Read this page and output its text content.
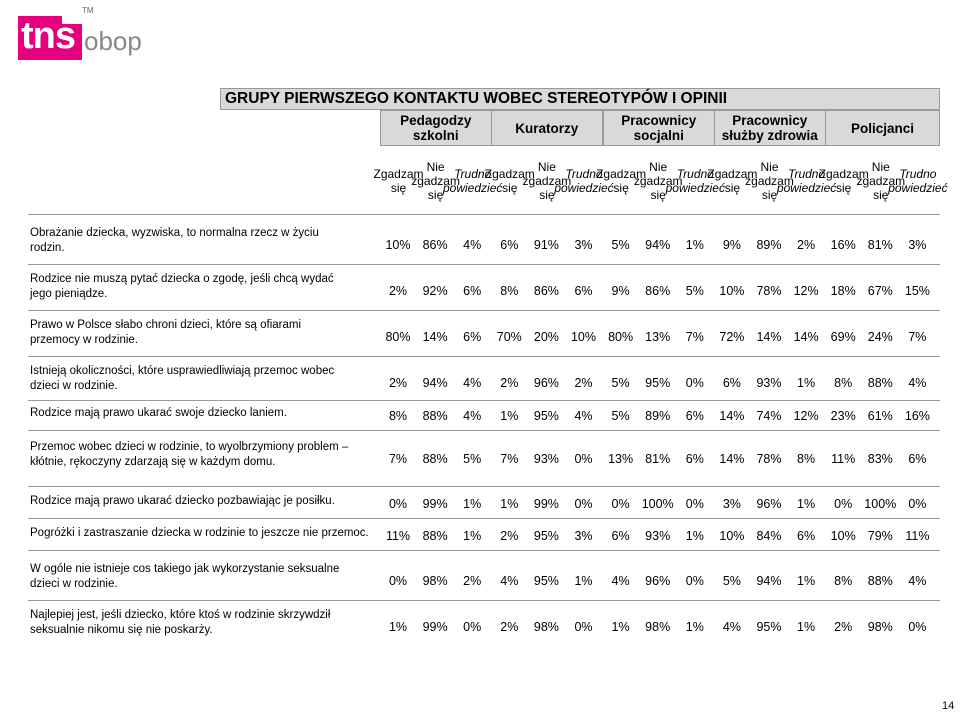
tns
TM
obop
GRUPY PIERWSZEGO KONTAKTU WOBEC STEREOTYPÓW I OPINII
Pedagodzy szkolni	Kuratorzy	Pracownicy socjalni
Pracownicy służby zdrowia	Policjanci
Zgadzam się
Nie zgadzam się
Trudno powiedzieć
Zgadzam się
Nie zgadzam się
Trudno powiedzieć
Zgadzam się
Nie zgadzam się
Trudno powiedzieć
Zgadzam się
Nie zgadzam się
Trudno powiedzieć
Zgadzam się
Nie zgadzam się
Trudno powiedzieć
Obrażanie dziecka, wyzwiska, to normalna rzecz w życiu rodzin.	10% 86%	4%	6%	91%	3%	5%	94%	1%	9%	89%	2%	16% 81%	3%
Rodzice nie muszą pytać dziecka o zgodę, jeśli chcą wydać jego pieniądze.	2%	92%	6%	8%	86%	6%	9%	86%	5%	10% 78% 12% 18% 67% 15%
Prawo w Polsce słabo chroni dzieci, które są ofiarami przemocy w rodzinie.	80% 14%	6%	70% 20% 10% 80% 13%	7%	72% 14% 14% 69% 24%	7%
Istnieją okoliczności, które usprawiedliwiają przemoc wobec dzieci w rodzinie.	2%	94%	4%	2%	96%	2%	5%	95%	0%	6%	93%	1%	8%	88%	4%
Rodzice mają prawo ukarać swoje dziecko laniem.	8%	88%	4%	1%	95%	4%	5%	89%	6%	14% 74% 12% 23% 61% 16%
Przemoc wobec dzieci w rodzinie, to wyolbrzymiony problem – kłótnie, rękoczyny zdarzają się w każdym domu.	7%	88%	5%	7%	93%	0%	13% 81%	6%	14% 78%	8%	11%	83%	6%
Rodzice mają prawo ukarać dziecko pozbawiając je posiłku.	0%	99%	1%	1%	99%	0%	0% 100% 0%	3%	96%	1%	0% 100% 0%
Pogróżki i zastraszanie dziecka w rodzinie to jeszcze nie przemoc.	11%	88%	1%	2%	95%	3%	6%	93%	1%	10% 84%	6%	10% 79%	11%
W ogóle nie istnieje cos takiego jak wykorzystanie seksualne dzieci w rodzinie.	0%	98%	2%	4%	95%	1%	4%	96%	0%	5%	94%	1%	8%	88%	4%
Najlepiej jest, jeśli dziecko, które ktoś w rodzinie skrzywdził seksualnie nikomu się nie poskarży.	1%	99%	0%	2%	98%	0%	1%	98%	1%	4%	95%	1%	2%	98%	0%
14
